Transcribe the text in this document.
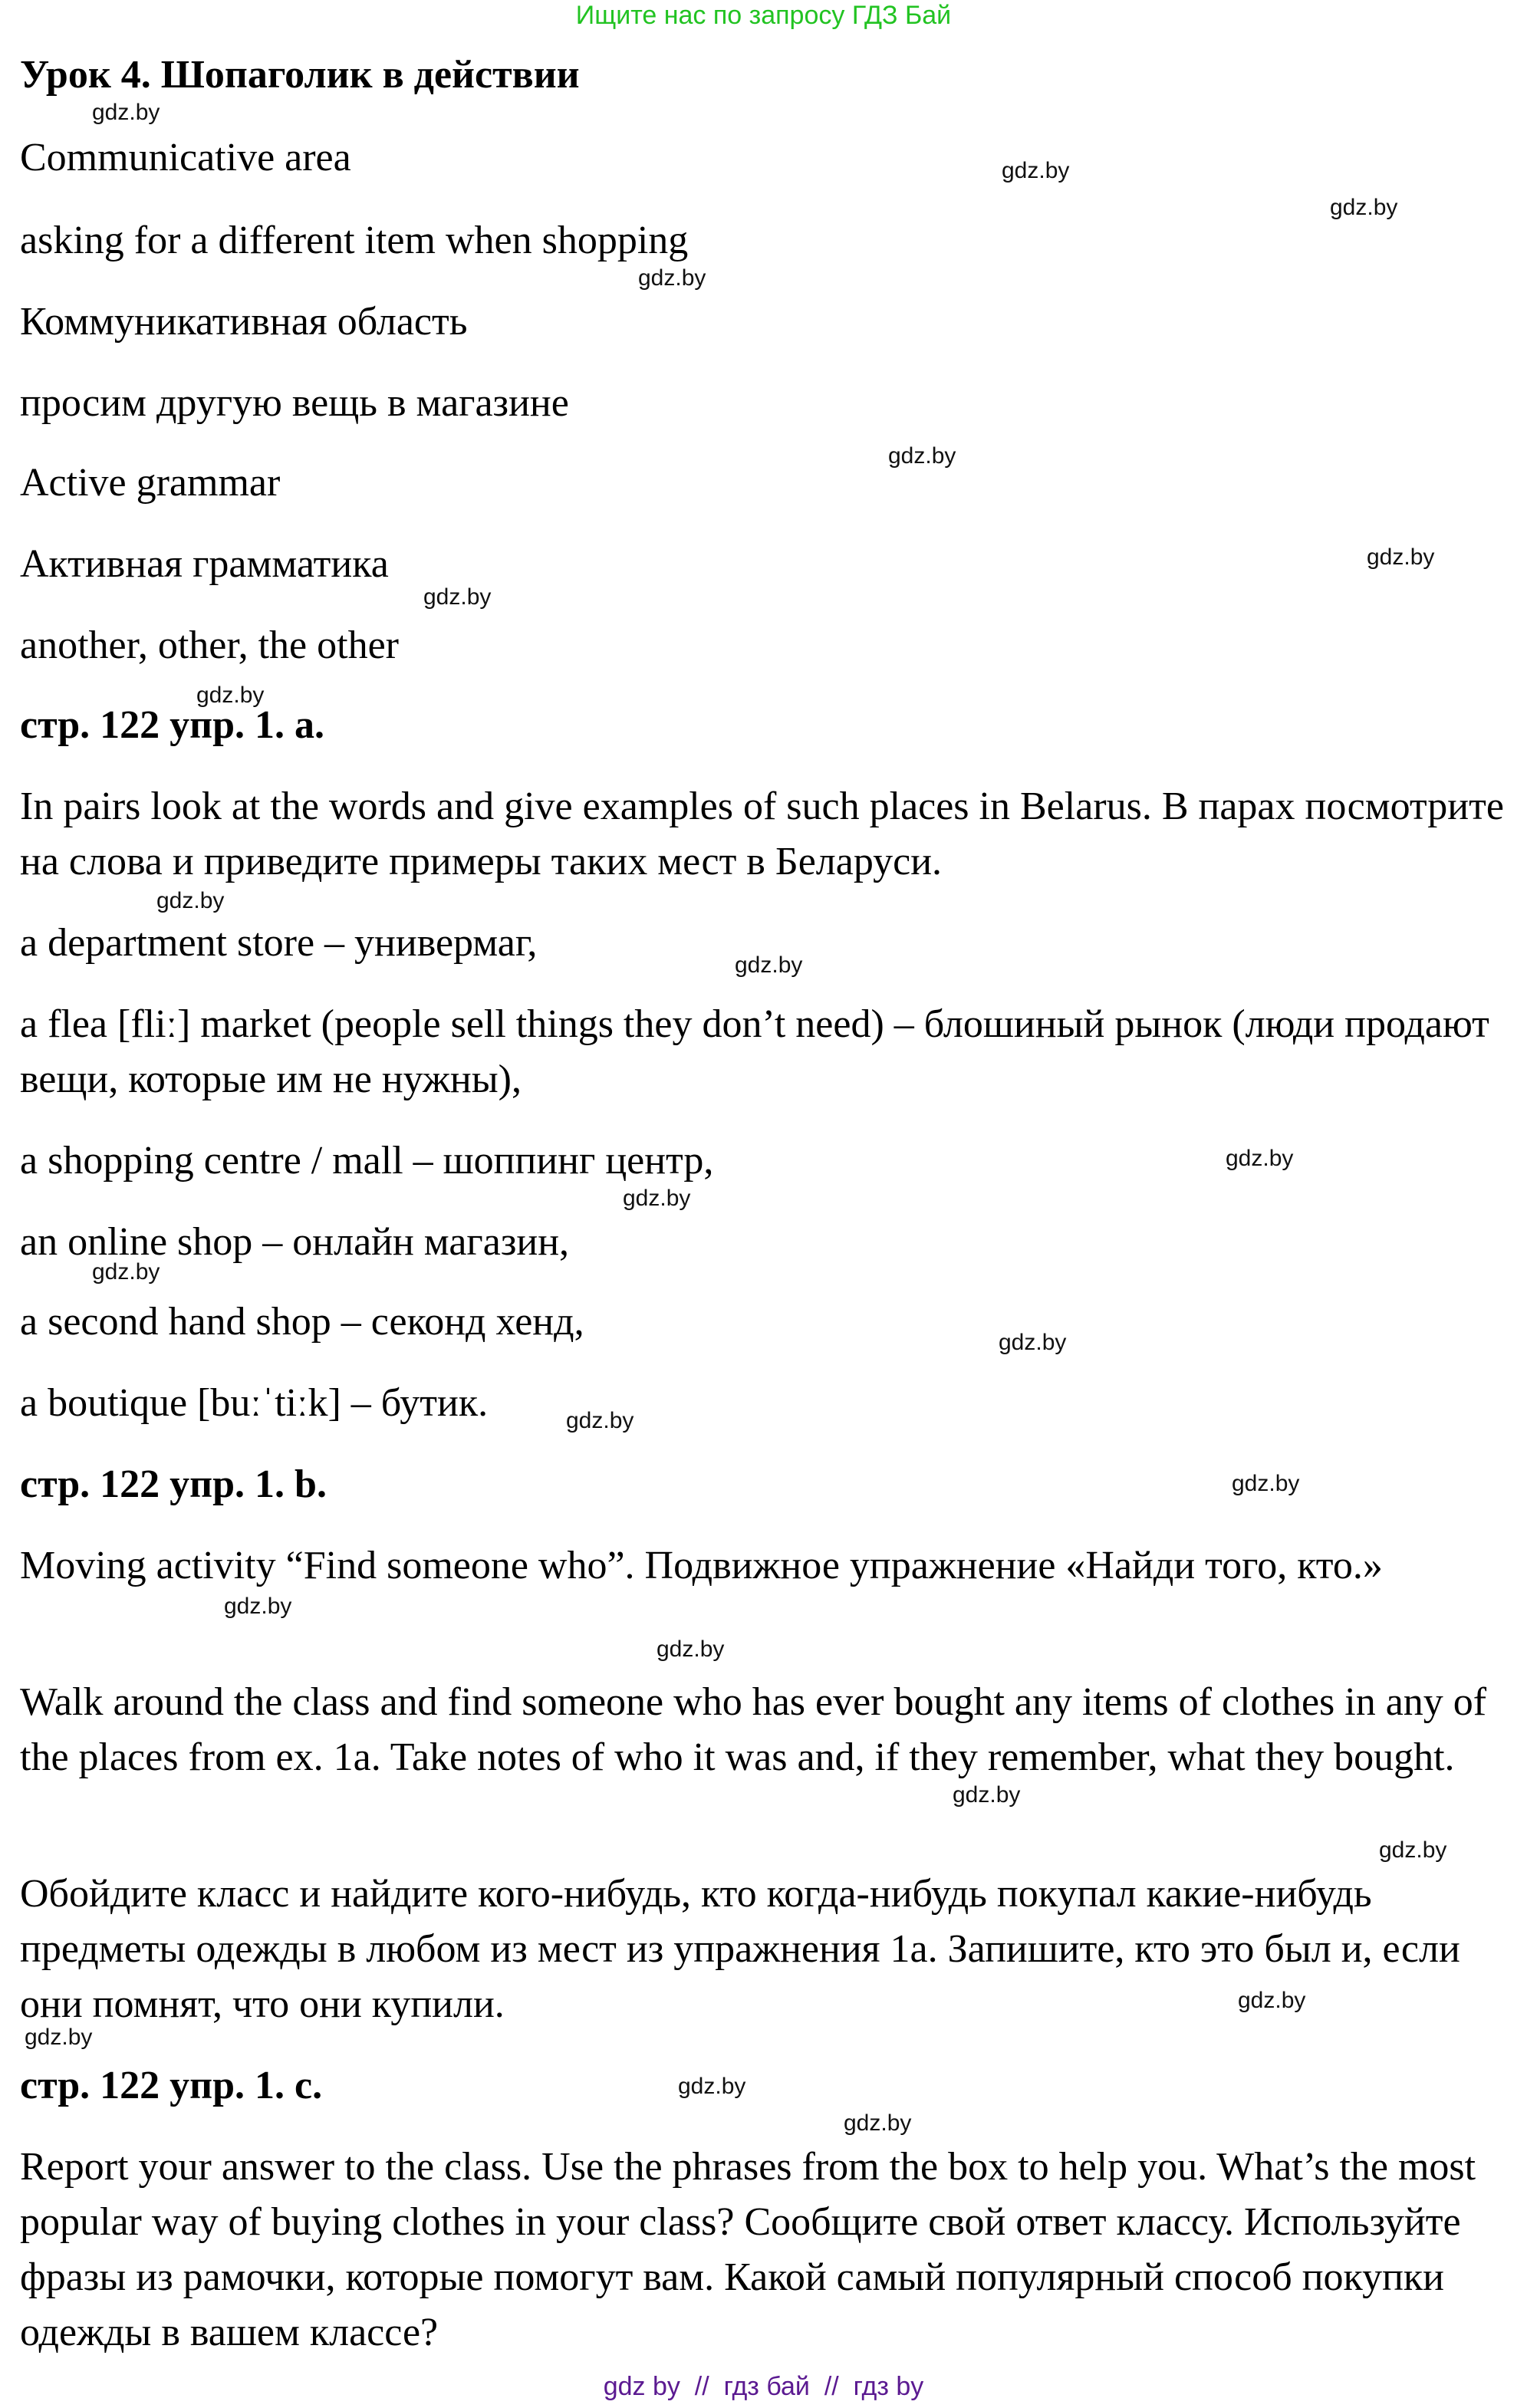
Ищите нас по запросу ГДЗ Бай
Урок 4. Шопаголик в действии
Communicative area
asking for a different item when shopping
Коммуникативная область
просим другую вещь в магазине
Active grammar
Активная грамматика
another, other, the other
стр. 122 упр. 1. a.
In pairs look at the words and give examples of such places in Belarus. В парах посмотрите на слова и приведите примеры таких мест в Беларуси.
a department store – универмаг,
a flea [fliː] market (people sell things they don’t need) – блошиный рынок (люди продают вещи, которые им не нужны),
a shopping centre / mall – шоппинг центр,
an online shop – онлайн магазин,
a second hand shop – секонд хенд,
a boutique [buːˈtiːk] – бутик.
стр. 122 упр. 1. b.
Moving activity “Find someone who”. Подвижное упражнение «Найди того, кто.»
Walk around the class and find someone who has ever bought any items of clothes in any of the places from ex. 1a. Take notes of who it was and, if they remember, what they bought.
Обойдите класс и найдите кого-нибудь, кто когда-нибудь покупал какие-нибудь предметы одежды в любом из мест из упражнения 1a. Запишите, кто это был и, если они помнят, что они купили.
стр. 122 упр. 1. c.
Report your answer to the class. Use the phrases from the box to help you. What’s the most popular way of buying clothes in your class? Сообщите свой ответ классу. Используйте фразы из рамочки, которые помогут вам. Какой самый популярный способ покупки одежды в вашем классе?
gdz.by
gdz.by
gdz.by
gdz.by
gdz.by
gdz.by
gdz.by
gdz.by
gdz.by
gdz.by
gdz.by
gdz.by
gdz.by
gdz.by
gdz.by
gdz.by
gdz.by
gdz.by
gdz.by
gdz.by
gdz.by
gdz.by
gdz.by
gdz.by
gdz by  //  гдз бай  //  гдз by
